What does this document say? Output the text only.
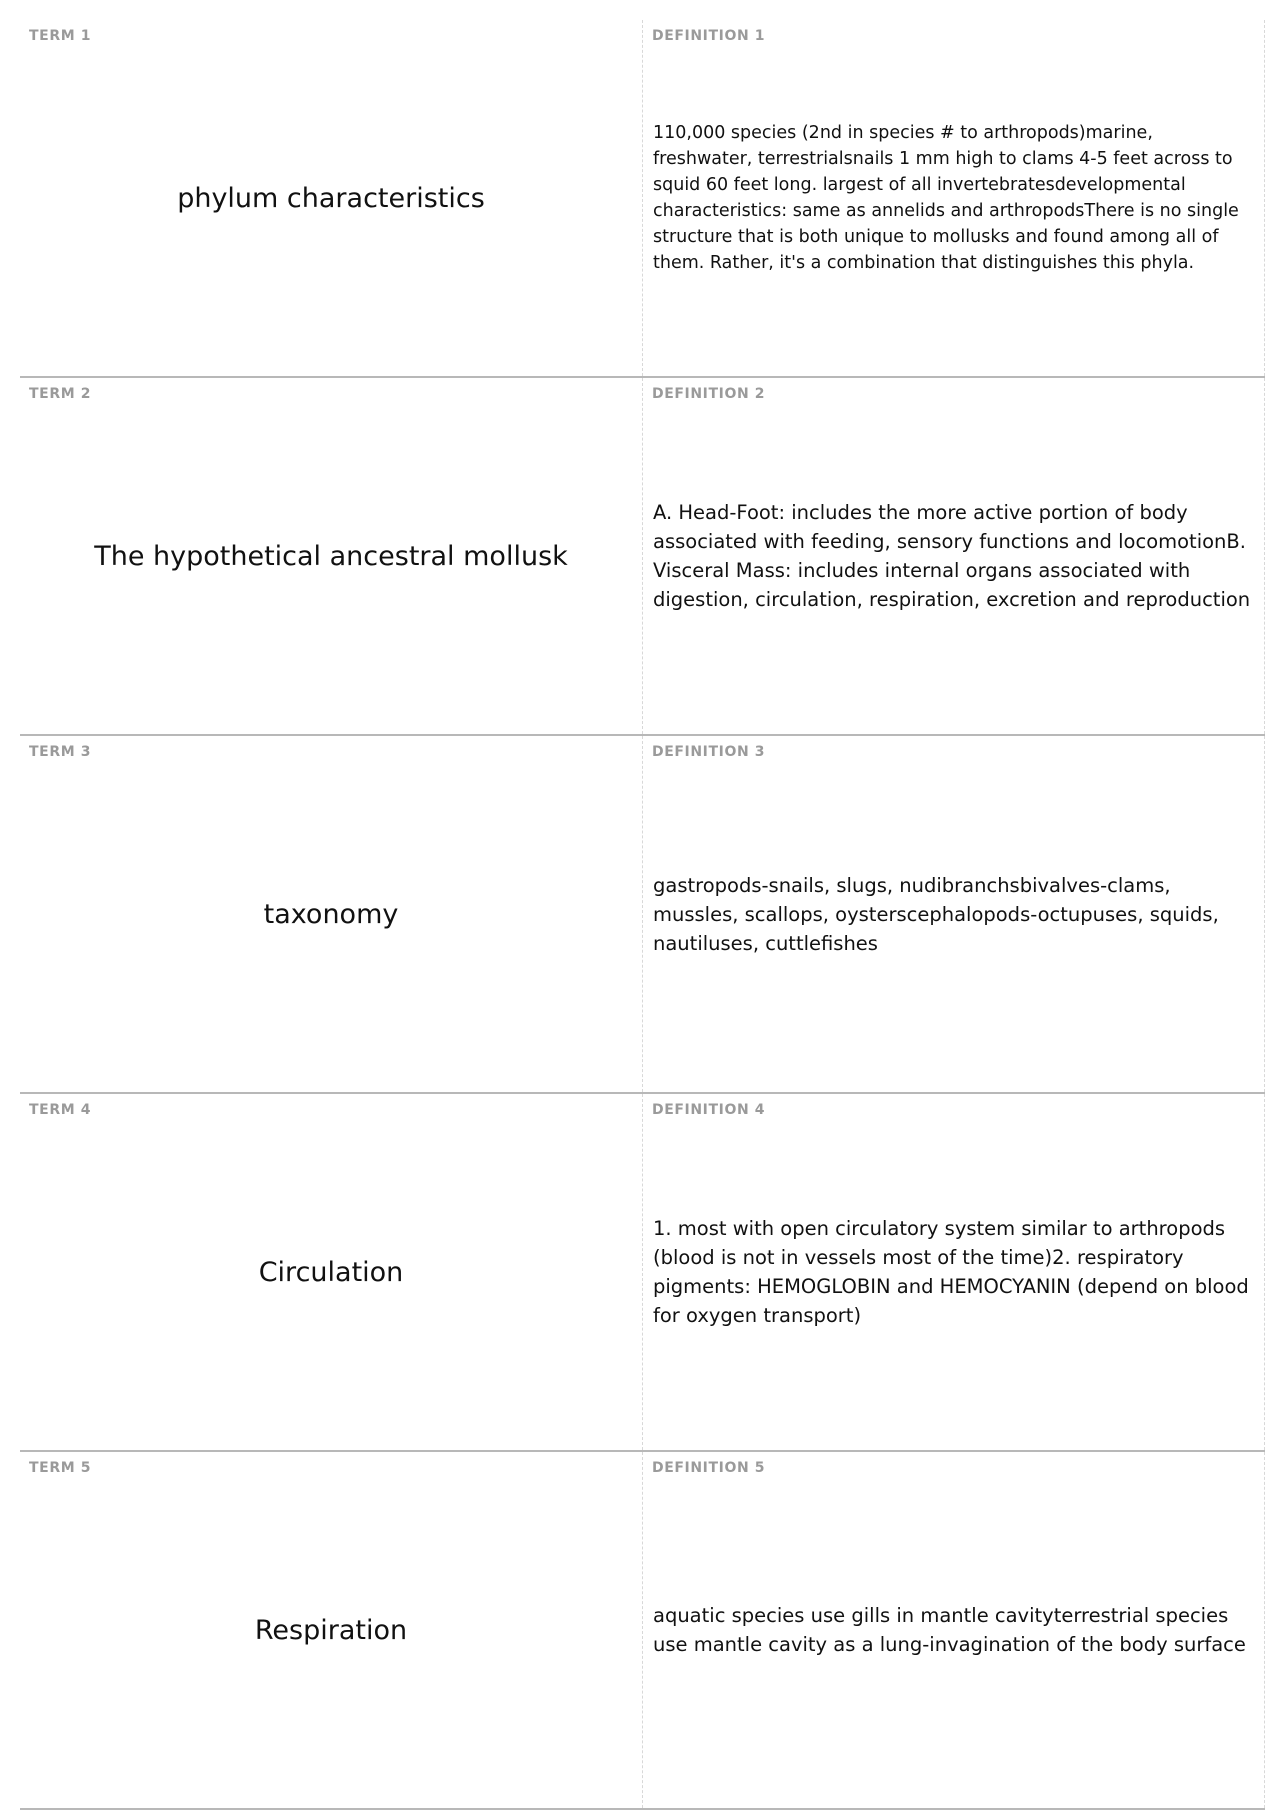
TERM 1
phylum characteristics
DEFINITION 1
110,000 species (2nd in species # to arthropods)marine, freshwater, terrestrialsnails 1 mm high to clams 4-5 feet across to squid 60 feet long. largest of all invertebratesdevelopmental characteristics: same as annelids and arthropodsThere is no single structure that is both unique to mollusks and found among all of them. Rather, it's a combination that distinguishes this phyla.
TERM 2
The hypothetical ancestral mollusk
DEFINITION 2
A. Head-Foot: includes the more active portion of body associated with feeding, sensory functions and locomotionB. Visceral Mass: includes internal organs associated with digestion, circulation, respiration, excretion and reproduction
TERM 3
taxonomy
DEFINITION 3
gastropods-snails, slugs, nudibranchsbivalves-clams, mussles, scallops, oysterscephalopods-octupuses, squids, nautiluses, cuttlefishes
TERM 4
Circulation
DEFINITION 4
1. most with open circulatory system similar to arthropods (blood is not in vessels most of the time)2. respiratory pigments: HEMOGLOBIN and HEMOCYANIN (depend on blood for oxygen transport)
TERM 5
Respiration
DEFINITION 5
aquatic species use gills in mantle cavityterrestrial species use mantle cavity as a lung-invagination of the body surface
